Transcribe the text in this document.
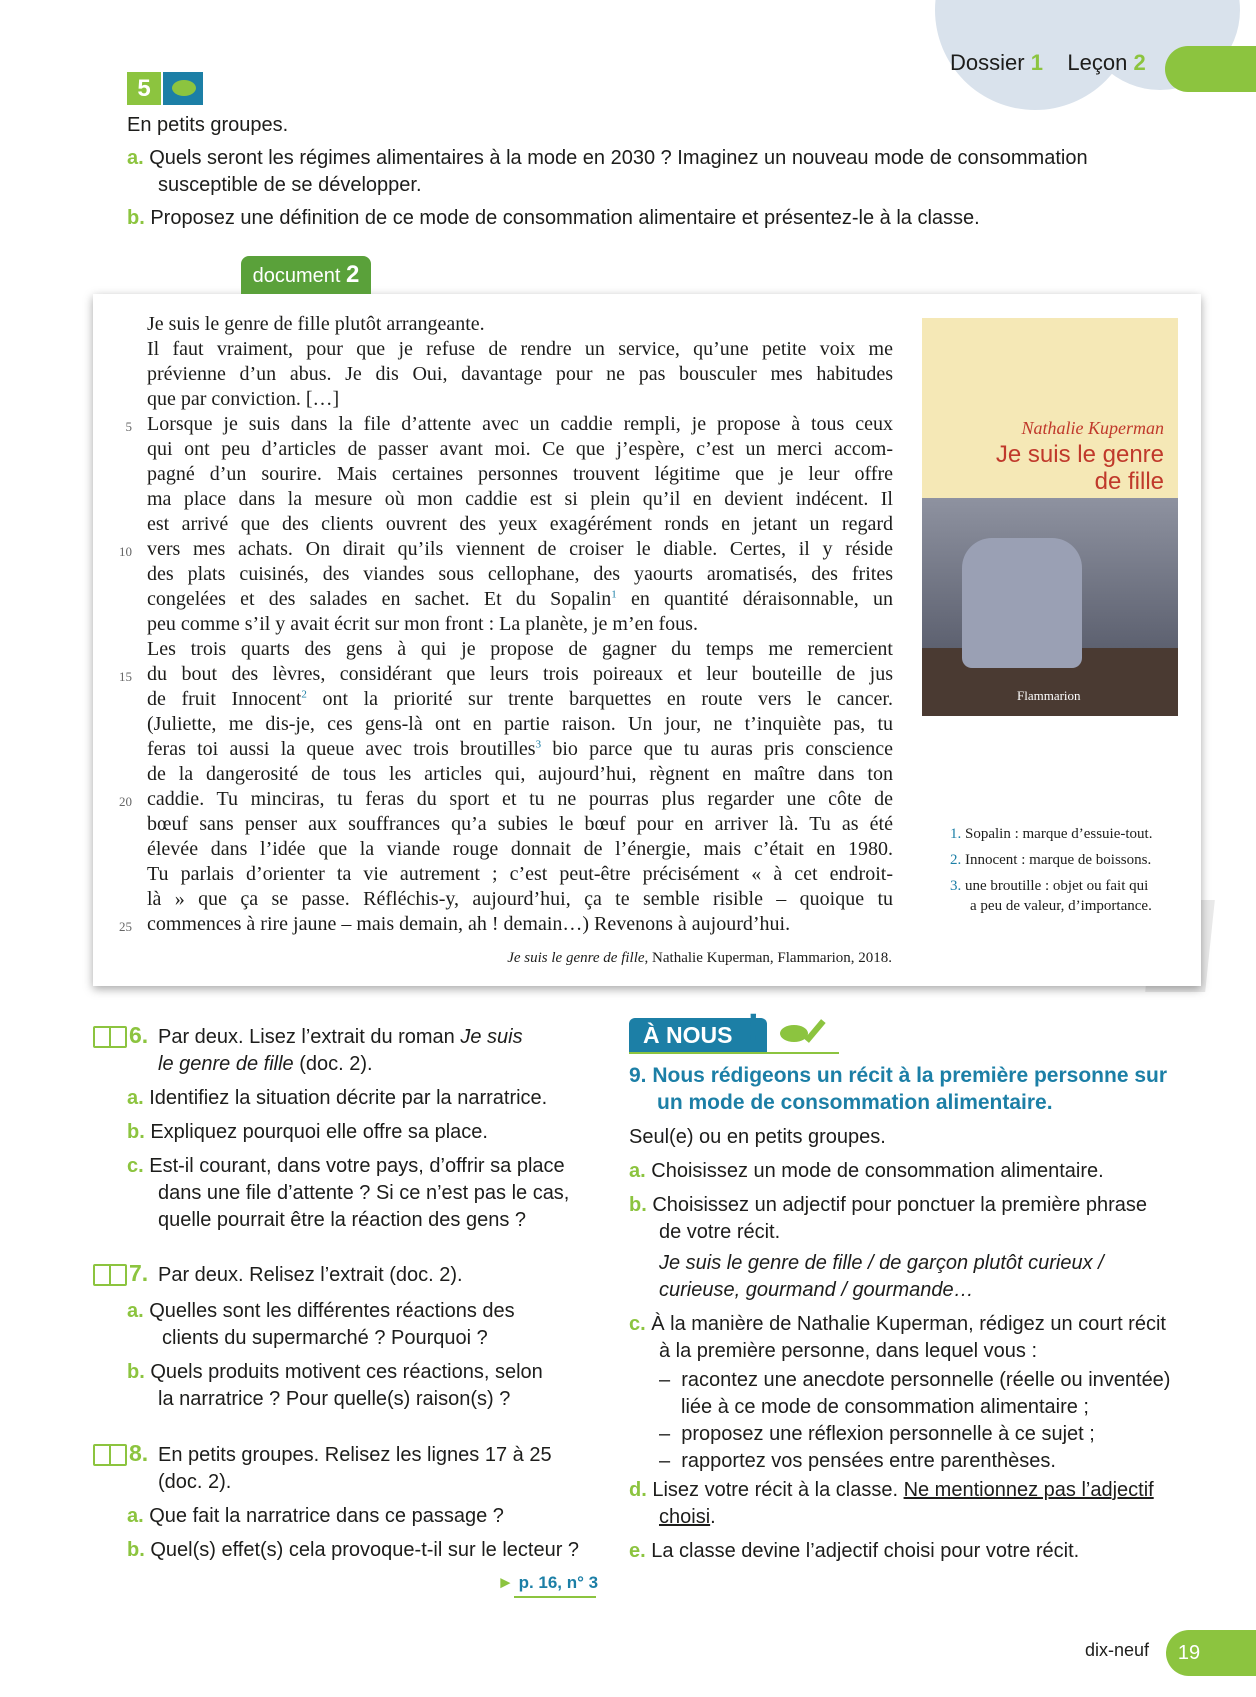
Dossier 1 Leçon 2
5
En petits groupes.
a. Quels seront les régimes alimentaires à la mode en 2030 ? Imaginez un nouveau mode de consommation
susceptible de se développer.
b. Proposez une définition de ce mode de consommation alimentaire et présentez-le à la classe.
document 2
Je suis le genre de fille plutôt arrangeante.
Il faut vraiment, pour que je refuse de rendre un service, qu’une petite voix me
prévienne d’un abus. Je dis Oui, davantage pour ne pas bousculer mes habitudes
que par conviction. […]
Lorsque je suis dans la file d’attente avec un caddie rempli, je propose à tous ceux
qui ont peu d’articles de passer avant moi. Ce que j’espère, c’est un merci accom-
pagné d’un sourire. Mais certaines personnes trouvent légitime que je leur offre
ma place dans la mesure où mon caddie est si plein qu’il en devient indécent. Il
est arrivé que des clients ouvrent des yeux exagérément ronds en jetant un regard
vers mes achats. On dirait qu’ils viennent de croiser le diable. Certes, il y réside
des plats cuisinés, des viandes sous cellophane, des yaourts aromatisés, des frites
congelées et des salades en sachet. Et du Sopalin$^1$ en quantité déraisonnable, un
peu comme s’il y avait écrit sur mon front : La planète, je m’en fous.
Les trois quarts des gens à qui je propose de gagner du temps me remercient
du bout des lèvres, considérant que leurs trois poireaux et leur bouteille de jus
de fruit Innocent$^2$ ont la priorité sur trente barquettes en route vers le cancer.
(Juliette, me dis-je, ces gens-là ont en partie raison. Un jour, ne t’inquiète pas, tu
feras toi aussi la queue avec trois broutilles$^3$ bio parce que tu auras pris conscience
de la dangerosité de tous les articles qui, aujourd’hui, règnent en maître dans ton
caddie. Tu minciras, tu feras du sport et tu ne pourras plus regarder une côte de
bœuf sans penser aux souffrances qu’a subies le bœuf pour en arriver là. Tu as été
élevée dans l’idée que la viande rouge donnait de l’énergie, mais c’était en 1980.
Tu parlais d’orienter ta vie autrement ; c’est peut-être précisément « à cet endroit-
là » que ça se passe. Réfléchis-y, aujourd’hui, ça te semble risible – quoique tu
commences à rire jaune – mais demain, ah ! demain…) Revenons à aujourd’hui.
5
10
15
20
25
Je suis le genre de fille, Nathalie Kuperman, Flammarion, 2018.
Nathalie Kuperman
Je suis le genre
de fille
Flammarion
1. Sopalin : marque d’essuie-tout.
2. Innocent : marque de boissons.
3. une broutille : objet ou fait qui
a peu de valeur, d’importance.
6. Par deux. Lisez l’extrait du roman Je suis
le genre de fille (doc. 2).
a. Identifiez la situation décrite par la narratrice.
b. Expliquez pourquoi elle offre sa place.
c. Est-il courant, dans votre pays, d’offrir sa place
dans une file d’attente ? Si ce n’est pas le cas,
quelle pourrait être la réaction des gens ?
7. Par deux. Relisez l’extrait (doc. 2).
a. Quelles sont les différentes réactions des
clients du supermarché ? Pourquoi ?
b. Quels produits motivent ces réactions, selon
la narratrice ? Pour quelle(s) raison(s) ?
8. En petits groupes. Relisez les lignes 17 à 25
(doc. 2).
a. Que fait la narratrice dans ce passage ?
b. Quel(s) effet(s) cela provoque-t-il sur le lecteur ?
► p. 16, n° 3
À NOUS !
9. Nous rédigeons un récit à la première personne sur
un mode de consommation alimentaire.
Seul(e) ou en petits groupes.
a. Choisissez un mode de consommation alimentaire.
b. Choisissez un adjectif pour ponctuer la première phrase
de votre récit.
Je suis le genre de fille / de garçon plutôt curieux /
curieuse, gourmand / gourmande…
c. À la manière de Nathalie Kuperman, rédigez un court récit
à la première personne, dans lequel vous :
–  racontez une anecdote personnelle (réelle ou inventée)
liée à ce mode de consommation alimentaire ;
–  proposez une réflexion personnelle à ce sujet ;
–  rapportez vos pensées entre parenthèses.
d. Lisez votre récit à la classe. Ne mentionnez pas l’adjectif
choisi.
e. La classe devine l’adjectif choisi pour votre récit.
19
dix-neuf
